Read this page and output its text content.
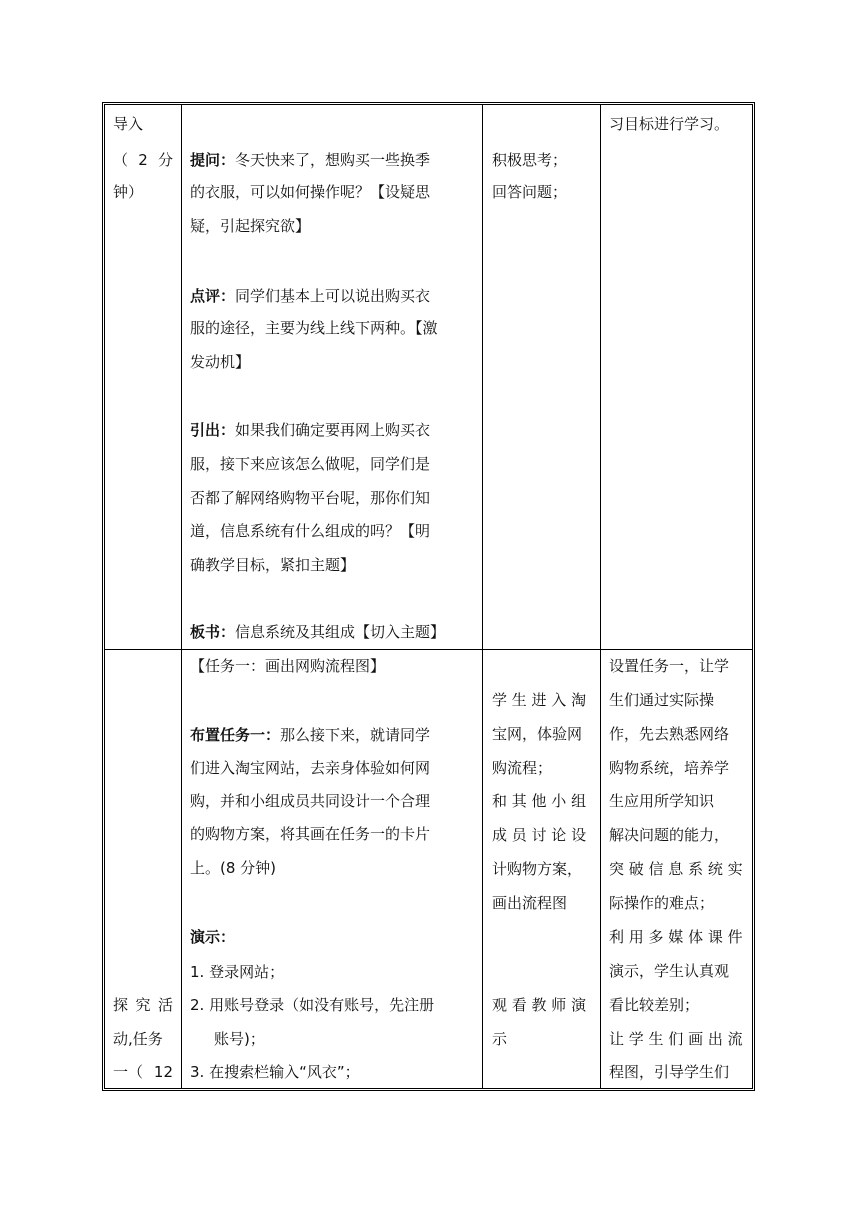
导入
（ 2 分
钟）
提问：冬天快来了，想购买一些换季
的衣服，可以如何操作呢？【设疑思
疑，引起探究欲】
点评：同学们基本上可以说出购买衣
服的途径，主要为线上线下两种。【激
发动机】
引出：如果我们确定要再网上购买衣
服，接下来应该怎么做呢，同学们是
否都了解网络购物平台呢，那你们知
道，信息系统有什么组成的吗？【明
确教学目标，紧扣主题】
板书：信息系统及其组成【切入主题】
积极思考；
回答问题；
习目标进行学习。
探 究 活
动,任务
一（ 12
【任务一：画出网购流程图】
布置任务一：那么接下来，就请同学
们进入淘宝网站，去亲身体验如何网
购，并和小组成员共同设计一个合理
的购物方案，将其画在任务一的卡片
上。(8 分钟)
演示：
1. 登录网站；
2. 用账号登录（如没有账号，先注册
账号)；
3. 在搜索栏输入“风衣”；
学 生 进 入 淘
宝网，体验网
购流程；
和 其 他 小 组
成 员 讨 论 设
计购物方案，
画出流程图
观 看 教 师 演
示
设置任务一，让学
生们通过实际操
作，先去熟悉网络
购物系统，培养学
生应用所学知识
解决问题的能力，
突 破 信 息 系 统 实
际操作的难点；
利 用 多 媒 体 课 件
演示，学生认真观
看比较差别；
让 学 生 们 画 出 流
程图，引导学生们
